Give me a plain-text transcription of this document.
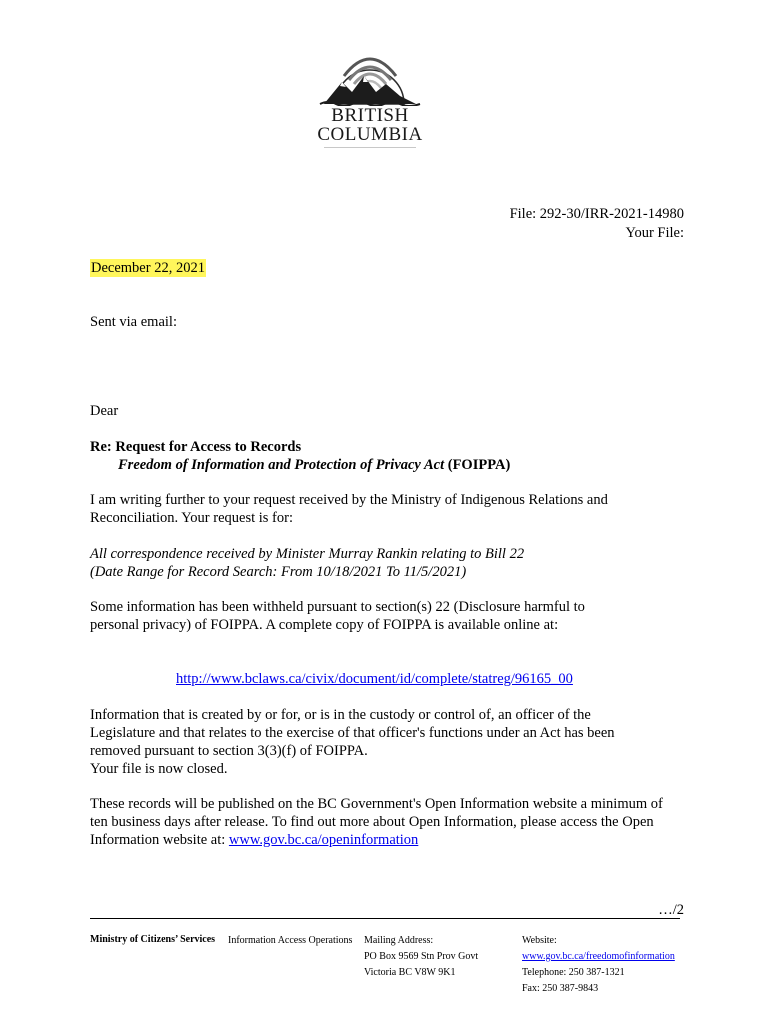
BRITISH
COLUMBIA
File: 292-30/IRR-2021-14980
Your File:
December 22, 2021
Sent via email:
Dear
Re: Request for Access to Records
Freedom of Information and Protection of Privacy Act (FOIPPA)
I am writing further to your request received by the Ministry of Indigenous Relations and Reconciliation. Your request is for:
All correspondence received by Minister Murray Rankin relating to Bill 22
(Date Range for Record Search: From 10/18/2021 To 11/5/2021)
Some information has been withheld pursuant to section(s) 22 (Disclosure harmful to personal privacy) of FOIPPA. A complete copy of FOIPPA is available online at:
http://www.bclaws.ca/civix/document/id/complete/statreg/96165_00
Information that is created by or for, or is in the custody or control of, an officer of the Legislature and that relates to the exercise of that officer's functions under an Act has been removed pursuant to section 3(3)(f) of FOIPPA.
Your file is now closed.
These records will be published on the BC Government's Open Information website a minimum of ten business days after release. To find out more about Open Information, please access the Open Information website at: www.gov.bc.ca/openinformation
…/2
Ministry of Citizens’ Services Information Access Operations Mailing Address:
PO Box 9569 Stn Prov Govt
Victoria BC V8W 9K1
Website:
www.gov.bc.ca/freedomofinformation
Telephone: 250 387-1321
Fax: 250 387-9843
